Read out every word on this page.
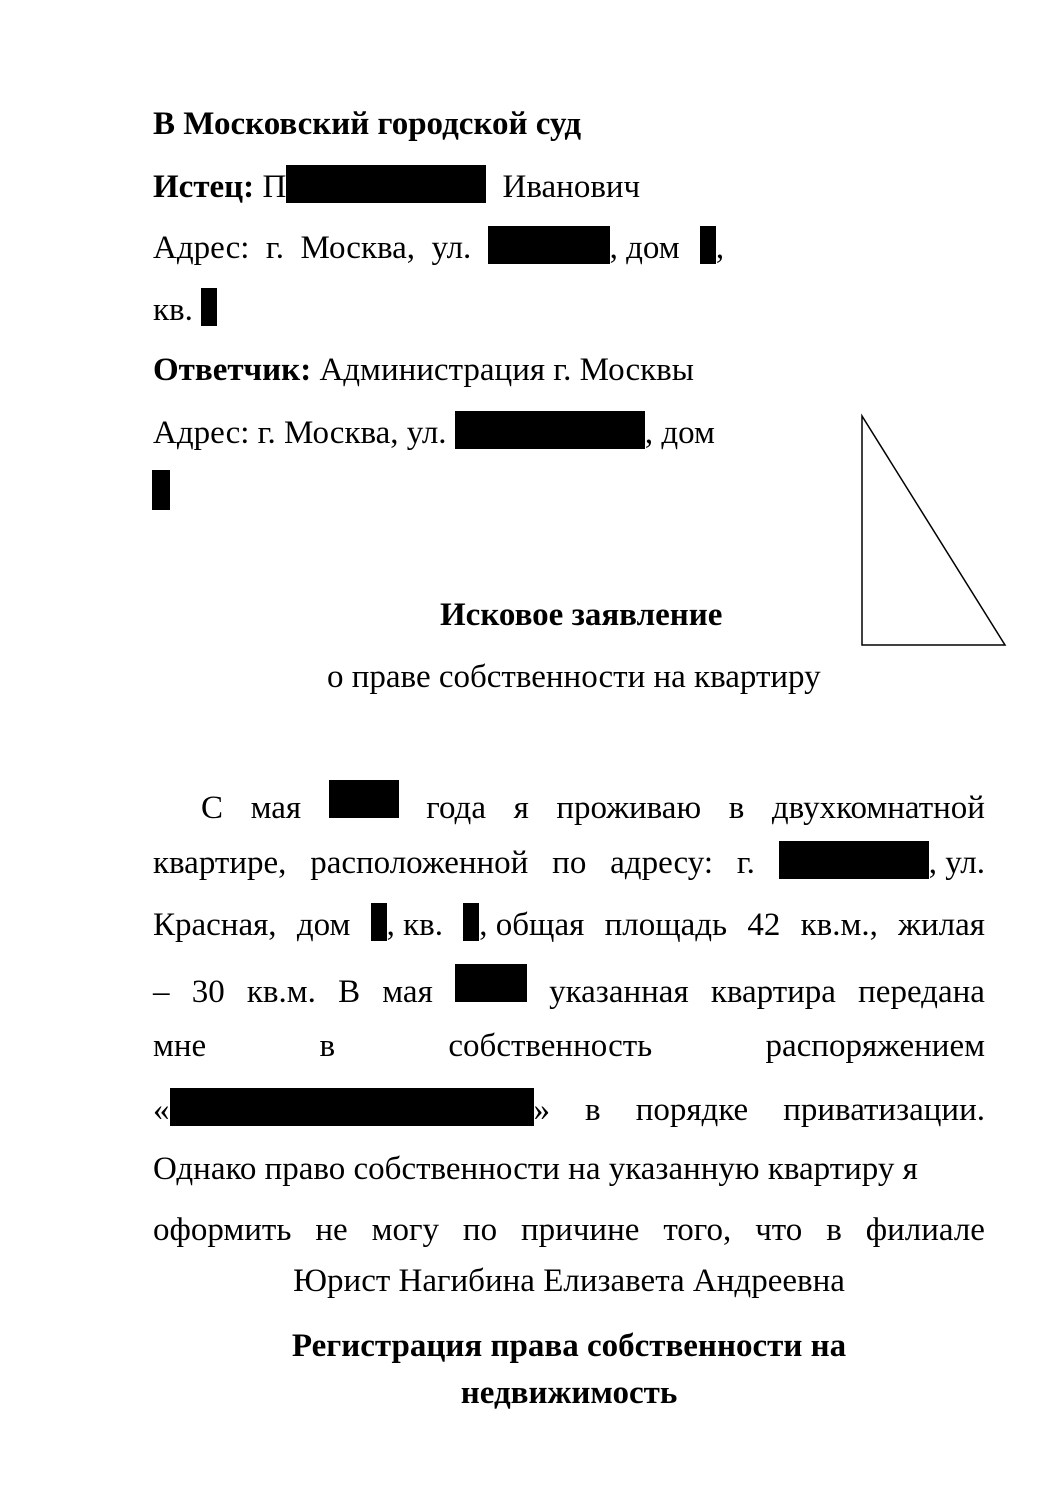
В Московский городской суд
Истец: П	Иванович
Адрес:  г.  Москва,  ул.	, дом ,
кв.
Ответчик: Администрация г. Москвы
Адрес: г. Москва, ул.	, дом
Исковое заявление
о праве собственности на квартиру
С мая	года я проживаю в двухкомнатной
квартире, расположенной по адресу: г.	, ул.
Красная, дом	, кв.	, общая площадь 42 кв.м., жилая
– 30 кв.м. В мая	указанная квартира передана
мне	в	собственность	распоряжением
«	» в порядке приватизации.
Однако право собственности на указанную квартиру я
оформить не могу по причине того, что в филиале
Юрист Нагибина Елизавета Андреевна
Регистрация права собственности на
недвижимость
